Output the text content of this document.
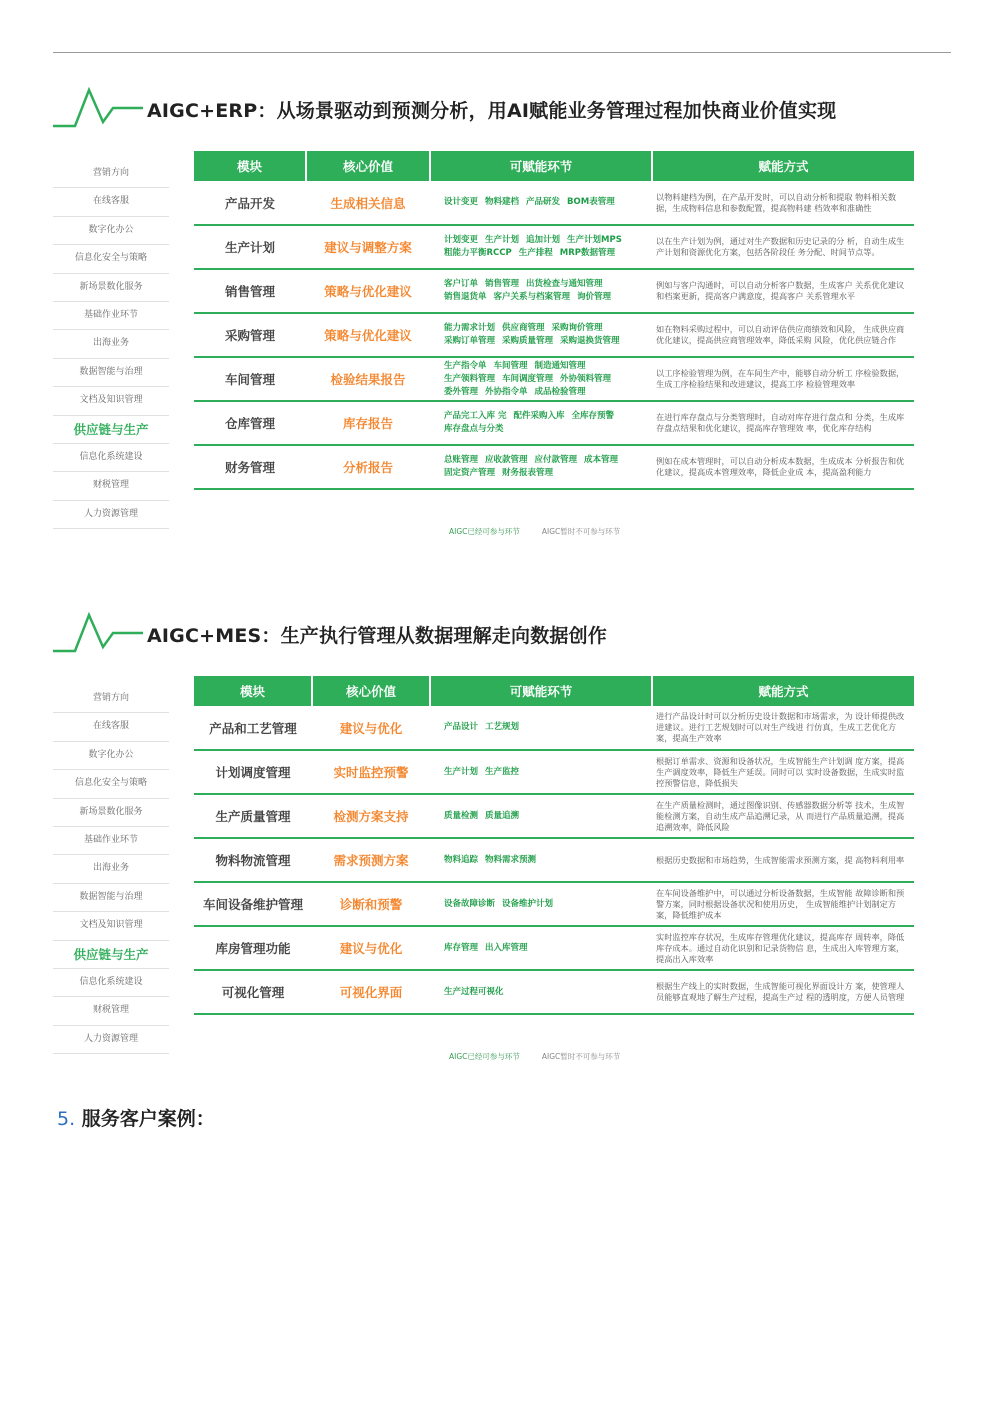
AIGC+ERP：从场景驱动到预测分析，用AI赋能业务管理过程加快商业价值实现
营销方向
在线客服
数字化办公
信息化安全与策略
新场景数化服务
基础作业环节
出海业务
数据智能与治理
文档及知识管理
供应链与生产
信息化系统建设
财税管理
人力资源管理
模块	核心价值	可赋能环节	赋能方式
产品开发	生成相关信息	设计变更 物料建档 产品研发 BOM表管理	以物料建档为例，在产品开发时，可以自动分析和提取 物料相关数据，生成物料信息和参数配置，提高物料建 档效率和准确性
生产计划	建议与调整方案	计划变更 生产计划 追加计划 生产计划MPS粗能力平衡RCCP 生产排程 MRP数据管理	以在生产计划为例，通过对生产数据和历史记录的分 析，自动生成生产计划和资源优化方案，包括各阶段任 务分配、时间节点等。
销售管理	策略与优化建议	客户订单 销售管理 出货检查与通知管理销售退货单 客户关系与档案管理 询价管理	例如与客户沟通时，可以自动分析客户数据，生成客户 关系优化建议和档案更新，提高客户满意度，提高客户 关系管理水平
采购管理	策略与优化建议	能力需求计划 供应商管理 采购询价管理采购订单管理 采购质量管理 采购退换货管理	如在物料采购过程中，可以自动评估供应商绩效和风险， 生成供应商优化建议，提高供应商管理效率，降低采购 风险，优化供应链合作
车间管理	检验结果报告	生产指令单 车间管理 制造通知管理生产领料管理 车间调度管理 外协领料管理委外管理 外协指令单 成品检验管理	以工序检验管理为例，在车间生产中，能够自动分析工 序检验数据，生成工序检验结果和改进建议，提高工序 检验管理效率
仓库管理	库存报告	产品完工入库 完 配件采购入库 全库存预警库存盘点与分类	在进行库存盘点与分类管理时，自动对库存进行盘点和 分类，生成库存盘点结果和优化建议，提高库存管理效 率，优化库存结构
财务管理	分析报告	总账管理 应收款管理 应付款管理 成本管理固定资产管理 财务报表管理	例如在成本管理时，可以自动分析成本数据，生成成本 分析报告和优化建议，提高成本管理效率，降低企业成 本，提高盈利能力
AIGC已经可参与环节	AIGC暂时不可参与环节
AIGC+MES：生产执行管理从数据理解走向数据创作
营销方向
在线客服
数字化办公
信息化安全与策略
新场景数化服务
基础作业环节
出海业务
数据智能与治理
文档及知识管理
供应链与生产
信息化系统建设
财税管理
人力资源管理
模块	核心价值	可赋能环节	赋能方式
产品和工艺管理	建议与优化	产品设计 工艺规划	进行产品设计时可以分析历史设计数据和市场需求，为 设计师提供改进建议。进行工艺规划时可以对生产线进 行仿真，生成工艺优化方案，提高生产效率
计划调度管理	实时监控预警	生产计划 生产监控	根据订单需求、资源和设备状况，生成智能生产计划调 度方案，提高生产调度效率，降低生产延误。同时可以 实时设备数据，生成实时监控预警信息，降低损失
生产质量管理	检测方案支持	质量检测 质量追溯	在生产质量检测时，通过图像识别、传感器数据分析等 技术，生成智能检测方案，自动生成产品追溯记录，从 而进行产品质量追溯，提高追溯效率，降低风险
物料物流管理	需求预测方案	物料追踪 物料需求预测	根据历史数据和市场趋势，生成智能需求预测方案，提 高物料利用率
车间设备维护管理	诊断和预警	设备故障诊断 设备维护计划	在车间设备维护中，可以通过分析设备数据，生成智能 故障诊断和预警方案，同时根据设备状况和使用历史， 生成智能维护计划制定方案，降低维护成本
库房管理功能	建议与优化	库存管理 出入库管理	实时监控库存状况，生成库存管理优化建议，提高库存 周转率，降低库存成本。通过自动化识别和记录货物信 息，生成出入库管理方案，提高出入库效率
可视化管理	可视化界面	生产过程可视化	根据生产线上的实时数据，生成智能可视化界面设计方 案，使管理人员能够直观地了解生产过程，提高生产过 程的透明度，方便人员管理
AIGC已经可参与环节	AIGC暂时不可参与环节
5. 服务客户案例：
